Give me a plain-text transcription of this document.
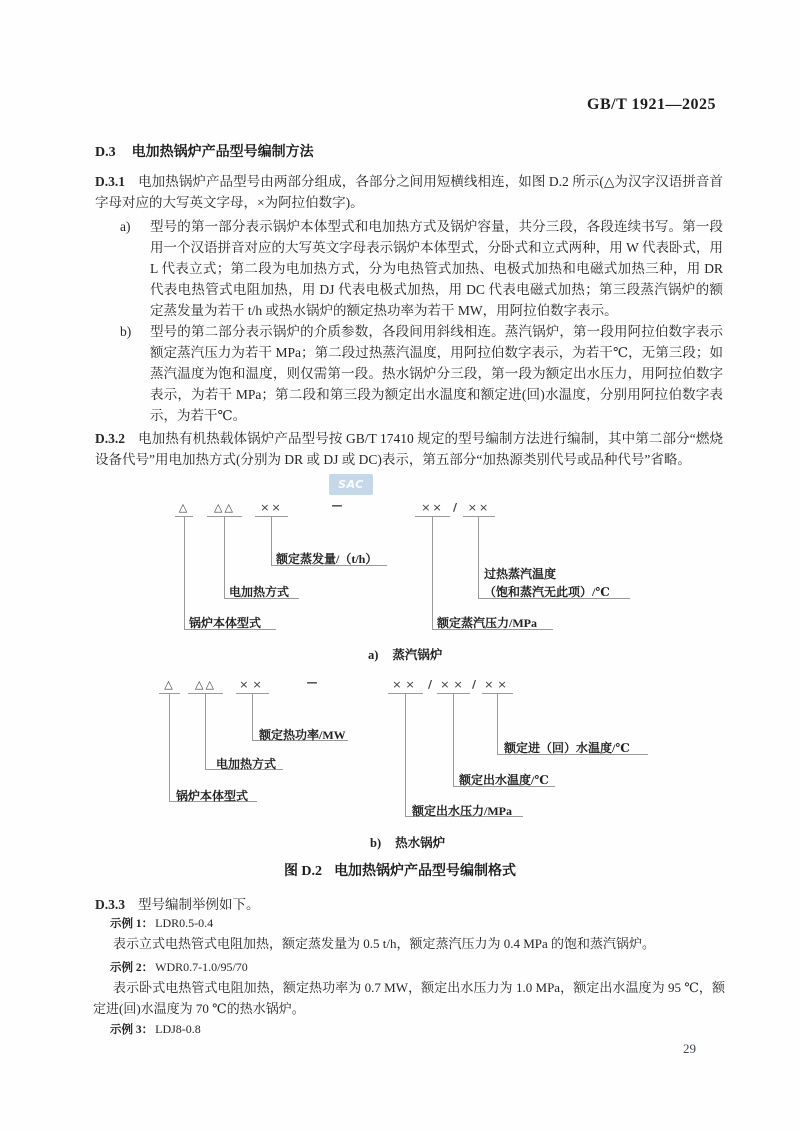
GB/T 1921—2025
D.3 电加热锅炉产品型号编制方法

D.3.1 电加热锅炉产品型号由两部分组成，各部分之间用短横线相连，如图 D.2 所示(△为汉字汉语拼音首字母对应的大写英文字母，×为阿拉伯数字)。

a) 型号的第一部分表示锅炉本体型式和电加热方式及锅炉容量，共分三段，各段连续书写。第一段用一个汉语拼音对应的大写英文字母表示锅炉本体型式，分卧式和立式两种，用 W 代表卧式，用 L 代表立式；第二段为电加热方式，分为电热管式加热、电极式加热和电磁式加热三种，用 DR 代表电热管式电阻加热，用 DJ 代表电极式加热，用 DC 代表电磁式加热；第三段蒸汽锅炉的额定蒸发量为若干 t/h 或热水锅炉的额定热功率为若干 MW，用阿拉伯数字表示。
b) 型号的第二部分表示锅炉的介质参数，各段间用斜线相连。蒸汽锅炉，第一段用阿拉伯数字表示额定蒸汽压力为若干 MPa；第二段过热蒸汽温度，用阿拉伯数字表示，为若干℃，无第三段；如蒸汽温度为饱和温度，则仅需第一段。热水锅炉分三段，第一段为额定出水压力，用阿拉伯数字表示，为若干 MPa；第二段和第三段为额定出水温度和额定进(回)水温度，分别用阿拉伯数字表示，为若干℃。

D.3.2 电加热有机热载体锅炉产品型号按 GB/T 17410 规定的型号编制方法进行编制，其中第二部分“燃烧设备代号”用电加热方式(分别为 DR 或 DJ 或 DC)表示，第五部分“加热源类别代号或品种代号”省略。

SAC
△	△△	××	—	×× / ××
额定蒸发量/（t/h）
电加热方式
锅炉本体型式
过热蒸汽温度
（饱和蒸汽无此项）/℃
额定蒸汽压力/MPa
a) 蒸汽锅炉
△	△△	××	—	×× / ×× / ××
额定热功率/MW
电加热方式
锅炉本体型式
额定进（回）水温度/℃
额定出水温度/℃
额定出水压力/MPa
b) 热水锅炉
图 D.2 电加热锅炉产品型号编制格式

D.3.3 型号编制举例如下。

示例 1： LDR0.5-0.4
表示立式电热管式电阻加热，额定蒸发量为 0.5 t/h，额定蒸汽压力为 0.4 MPa 的饱和蒸汽锅炉。
示例 2： WDR0.7-1.0/95/70
表示卧式电热管式电阻加热，额定热功率为 0.7 MW，额定出水压力为 1.0 MPa，额定出水温度为 95 ℃，额定进(回)水温度为 70 ℃的热水锅炉。
示例 3： LDJ8-0.8
29
